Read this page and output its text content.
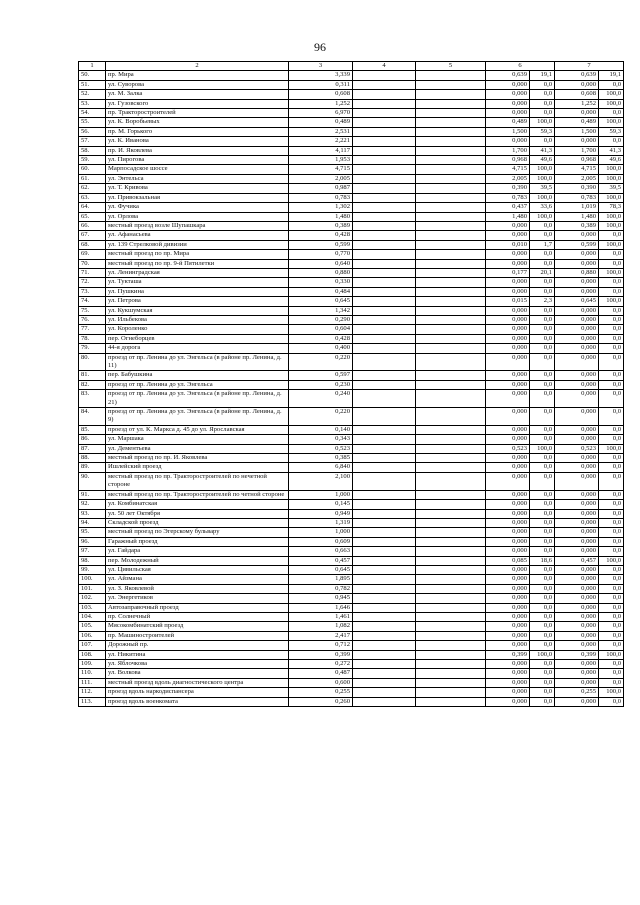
96
1	2	3	4	5	6		7	
50.	пр. Мира	3,339			0,639	19,1	0,639	19,1
51.	ул. Суворова	0,311			0,000	0,0	0,000	0,0
52.	ул. М. Залка	0,608			0,000	0,0	0,608	100,0
53.	ул. Гузовского	1,252			0,000	0,0	1,252	100,0
54.	пр. Тракторостроителей	6,970			0,000	0,0	0,000	0,0
55.	ул. К. Воробьевых	0,489			0,489	100,0	0,489	100,0
56.	пр. М. Горького	2,531			1,500	59,3	1,500	59,3
57.	ул. К. Иванова	2,221			0,000	0,0	0,000	0,0
58.	пр. И. Яковлева	4,117			1,700	41,3	1,700	41,3
59.	ул. Пирогова	1,953			0,968	49,6	0,968	49,6
60.	Марпосадское шоссе	4,715			4,715	100,0	4,715	100,0
61.	ул. Энтельса	2,005			2,005	100,0	2,005	100,0
62.	ул. Т. Кривова	0,987			0,390	39,5	0,390	39,5
63.	ул. Привокзальная	0,783			0,783	100,0	0,783	100,0
64.	ул. Фучика	1,302			0,437	33,6	1,019	78,3
65.	ул. Орлова	1,480			1,480	100,0	1,480	100,0
66.	местный проезд возле Шупашкара	0,389			0,000	0,0	0,389	100,0
67.	ул. Афанасьева	0,428			0,000	0,0	0,000	0,0
68.	ул. 139 Стрелковой дивизии	0,599			0,010	1,7	0,599	100,0
69.	местный проезд по пр. Мира	0,770			0,000	0,0	0,000	0,0
70.	местный проезд по пр. 9-й Пятилетки	0,640			0,000	0,0	0,000	0,0
71.	ул. Ленинградская	0,880			0,177	20,1	0,880	100,0
72.	ул. Тукташа	0,330			0,000	0,0	0,000	0,0
73.	ул. Пушкина	0,484			0,000	0,0	0,000	0,0
74.	ул. Петрова	0,645			0,015	2,3	0,645	100,0
75.	ул. Кукшумская	1,342			0,000	0,0	0,000	0,0
76.	ул. Ильбекова	0,290			0,000	0,0	0,000	0,0
77.	ул. Короленко	0,604			0,000	0,0	0,000	0,0
78.	пер. Огнеборцев	0,428			0,000	0,0	0,000	0,0
79.	44-я дорога	0,400			0,000	0,0	0,000	0,0
80.	проезд от пр. Ленина до ул. Энгельса (в районе пр. Ленина, д. 11)	0,220			0,000	0,0	0,000	0,0
81.	пер. Бабушкина	0,597			0,000	0,0	0,000	0,0
82.	проезд от пр. Ленина до ул. Энгельса	0,230			0,000	0,0	0,000	0,0
83.	проезд от пр. Ленина до ул. Энгельса (в районе пр. Ленина, д. 21)	0,240			0,000	0,0	0,000	0,0
84.	проезд от пр. Ленина до ул. Энгельса (в районе пр. Ленина, д. 9)	0,220			0,000	0,0	0,000	0,0
85.	проезд от ул. К. Маркса д. 45 до ул. Ярославская	0,140			0,000	0,0	0,000	0,0
86.	ул. Маршака	0,343			0,000	0,0	0,000	0,0
87.	ул. Дементьева	0,523			0,523	100,0	0,523	100,0
88.	местный проезд по пр. И. Яковлева	0,385			0,000	0,0	0,000	0,0
89.	Ишлейский проезд	6,840			0,000	0,0	0,000	0,0
90.	местный проезд по пр. Тракторостроителей по нечетной стороне	2,100			0,000	0,0	0,000	0,0
91.	местный проезд по пр. Тракторостроителей по четной стороне	1,000			0,000	0,0	0,000	0,0
92.	ул. Комбинатская	0,145			0,000	0,0	0,000	0,0
93.	ул. 50 лет Октября	0,949			0,000	0,0	0,000	0,0
94.	Складской проезд	1,319			0,000	0,0	0,000	0,0
95.	местный проезд по Эгерскому бульвару	1,000			0,000	0,0	0,000	0,0
96.	Гаражный проезд	0,609			0,000	0,0	0,000	0,0
97.	ул. Гайдара	0,663			0,000	0,0	0,000	0,0
98.	пер. Молодежный	0,457			0,085	18,6	0,457	100,0
99.	ул. Цивильская	0,645			0,000	0,0	0,000	0,0
100.	ул. Айзмана	1,895			0,000	0,0	0,000	0,0
101.	ул. З. Яковлевой	0,782			0,000	0,0	0,000	0,0
102.	ул. Энергетиков	0,945			0,000	0,0	0,000	0,0
103.	Автозаправочный проезд	1,646			0,000	0,0	0,000	0,0
104.	пр. Солнечный	1,461			0,000	0,0	0,000	0,0
105.	Мясокомбинатский проезд	1,082			0,000	0,0	0,000	0,0
106.	пр. Машиностроителей	2,417			0,000	0,0	0,000	0,0
107.	Дорожный пр.	0,712			0,000	0,0	0,000	0,0
108.	ул. Никитина	0,399			0,399	100,0	0,399	100,0
109.	ул. Яблочкова	0,272			0,000	0,0	0,000	0,0
110.	ул. Волкова	0,487			0,000	0,0	0,000	0,0
111.	местный проезд вдоль диагностического центра	0,600			0,000	0,0	0,000	0,0
112.	проезд вдоль наркодиспансера	0,255			0,000	0,0	0,255	100,0
113.	проезд вдоль военкомата	0,260			0,000	0,0	0,000	0,0
